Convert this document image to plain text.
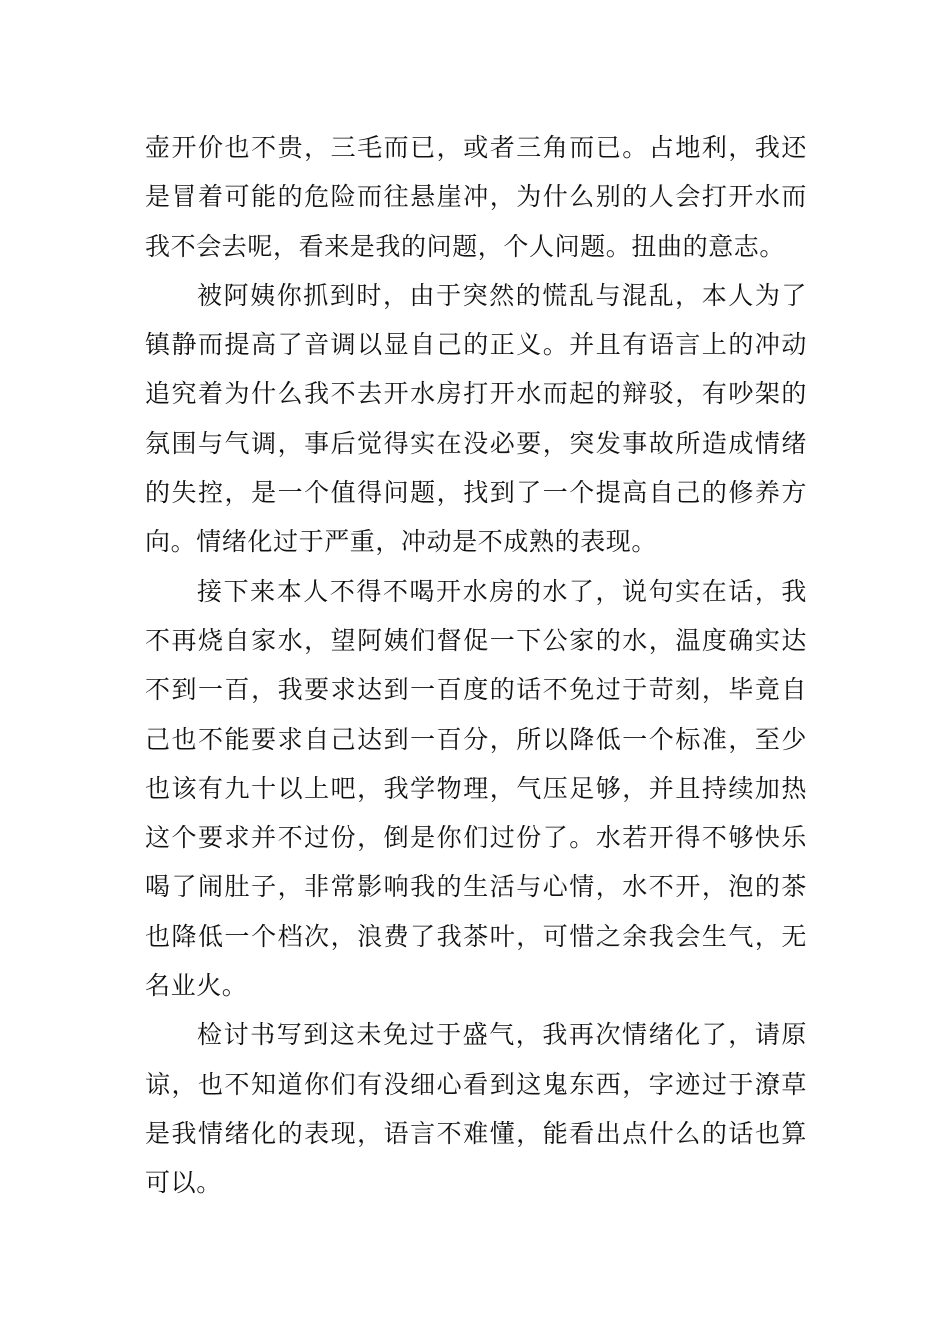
壶开价也不贵，三毛而已，或者三角而已。占地利，我还是冒着可能的危险而往悬崖冲，为什么别的人会打开水而我不会去呢，看来是我的问题，个人问题。扭曲的意志。

被阿姨你抓到时，由于突然的慌乱与混乱，本人为了镇静而提高了音调以显自己的正义。并且有语言上的冲动追究着为什么我不去开水房打开水而起的辩驳，有吵架的氛围与气调，事后觉得实在没必要，突发事故所造成情绪的失控，是一个值得问题，找到了一个提高自己的修养方向。情绪化过于严重，冲动是不成熟的表现。

接下来本人不得不喝开水房的水了，说句实在话，我不再烧自家水，望阿姨们督促一下公家的水，温度确实达不到一百，我要求达到一百度的话不免过于苛刻，毕竟自己也不能要求自己达到一百分，所以降低一个标准，至少也该有九十以上吧，我学物理，气压足够，并且持续加热这个要求并不过份，倒是你们过份了。水若开得不够快乐喝了闹肚子，非常影响我的生活与心情，水不开，泡的茶也降低一个档次，浪费了我茶叶，可惜之余我会生气，无名业火。

检讨书写到这未免过于盛气，我再次情绪化了，请原谅，也不知道你们有没细心看到这鬼东西，字迹过于潦草是我情绪化的表现，语言不难懂，能看出点什么的话也算可以。
